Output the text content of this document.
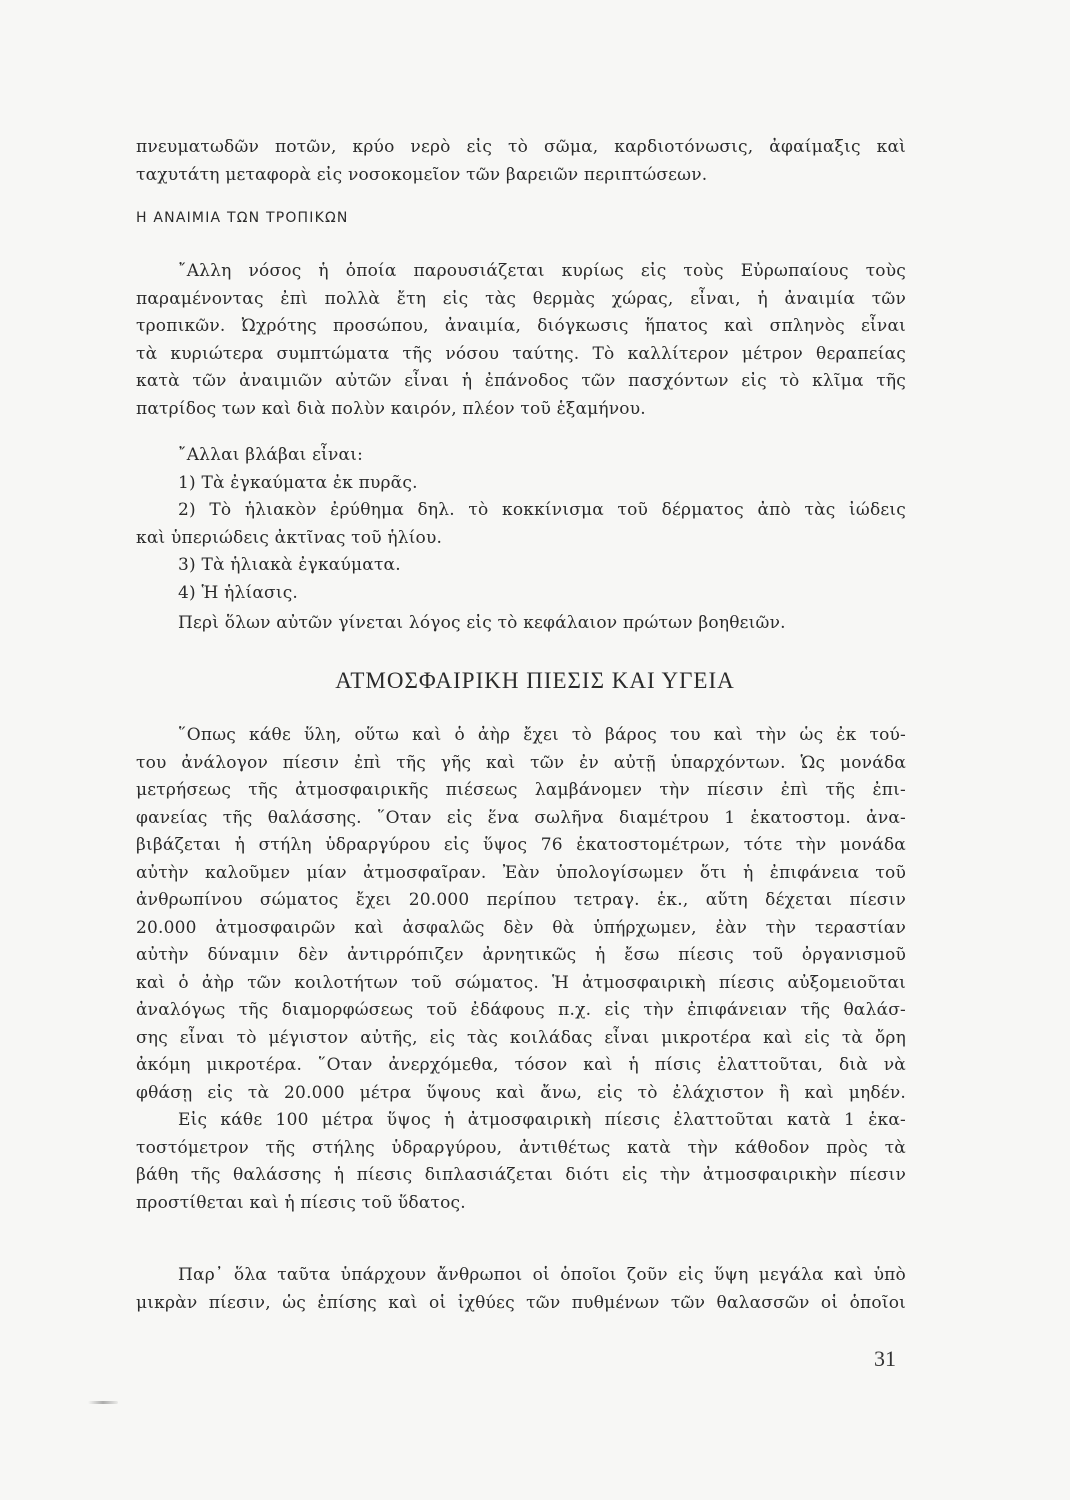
πνευματωδῶν ποτῶν, κρύο νερὸ εἰς τὸ σῶμα, καρδιοτόνωσις, ἀφαίμαξις καὶ

ταχυτάτη μεταφορὰ εἰς νοσοκομεῖον τῶν βαρειῶν περιπτώσεων.

Η ΑΝΑΙΜΙΑ ΤΩΝ ΤΡΟΠΙΚΩΝ

῎Αλλη νόσος ἡ ὁποία παρουσιάζεται κυρίως εἰς τοὺς Εὐρωπαίους τοὺς

παραμένοντας ἐπὶ πολλὰ ἔτη εἰς τὰς θερμὰς χώρας, εἶναι, ἡ ἀναιμία τῶν

τροπικῶν. Ὠχρότης προσώπου, ἀναιμία, διόγκωσις ἥπατος καὶ σπληνὸς εἶναι

τὰ κυριώτερα συμπτώματα τῆς νόσου ταύτης. Τὸ καλλίτερον μέτρον θεραπείας

κατὰ τῶν ἀναιμιῶν αὐτῶν εἶναι ἡ ἐπάνοδος τῶν πασχόντων εἰς τὸ κλῖμα τῆς

πατρίδος των καὶ διὰ πολὺν καιρόν, πλέον τοῦ ἑξαμήνου.

῎Αλλαι βλάβαι εἶναι:

1) Τὰ ἐγκαύματα ἐκ πυρᾶς.

2) Τὸ ἡλιακὸν ἐρύθημα δηλ. τὸ κοκκίνισμα τοῦ δέρματος ἀπὸ τὰς ἰώδεις

καὶ ὑπεριώδεις ἀκτῖνας τοῦ ἡλίου.

3) Τὰ ἡλιακὰ ἐγκαύματα.

4) Ἡ ἡλίασις.

Περὶ ὅλων αὐτῶν γίνεται λόγος εἰς τὸ κεφάλαιον πρώτων βοηθειῶν.

ΑΤΜΟΣΦΑΙΡΙΚΗ ΠΙΕΣΙΣ ΚΑΙ ΥΓΕΙΑ

῞Οπως κάθε ὕλη, οὕτω καὶ ὁ ἀὴρ ἔχει τὸ βάρος του καὶ τὴν ὡς ἐκ τού-

του ἀνάλογον πίεσιν ἐπὶ τῆς γῆς καὶ τῶν ἐν αὐτῇ ὑπαρχόντων. Ὡς μονάδα

μετρήσεως τῆς ἀτμοσφαιρικῆς πιέσεως λαμβάνομεν τὴν πίεσιν ἐπὶ τῆς ἐπι-

φανείας τῆς θαλάσσης. ῞Οταν εἰς ἕνα σωλῆνα διαμέτρου 1 ἑκατοστομ. ἀνα-

βιβάζεται ἡ στήλη ὑδραργύρου εἰς ὕψος 76 ἑκατοστομέτρων, τότε τὴν μονάδα

αὐτὴν καλοῦμεν μίαν ἀτμοσφαῖραν. Ἐὰν ὑπολογίσωμεν ὅτι ἡ ἐπιφάνεια τοῦ

ἀνθρωπίνου σώματος ἔχει 20.000 περίπου τετραγ. ἑκ., αὕτη δέχεται πίεσιν

20.000 ἀτμοσφαιρῶν καὶ ἀσφαλῶς δὲν θὰ ὑπήρχωμεν, ἐὰν τὴν τεραστίαν

αὐτὴν δύναμιν δὲν ἀντιρρόπιζεν ἀρνητικῶς ἡ ἔσω πίεσις τοῦ ὀργανισμοῦ

καὶ ὁ ἀὴρ τῶν κοιλοτήτων τοῦ σώματος. Ἡ ἀτμοσφαιρικὴ πίεσις αὐξομειοῦται

ἀναλόγως τῆς διαμορφώσεως τοῦ ἐδάφους π.χ. εἰς τὴν ἐπιφάνειαν τῆς θαλάσ-

σης εἶναι τὸ μέγιστον αὐτῆς, εἰς τὰς κοιλάδας εἶναι μικροτέρα καὶ εἰς τὰ ὄρη

ἀκόμη μικροτέρα. ῞Οταν ἀνερχόμεθα, τόσον καὶ ἡ πίσις ἐλαττοῦται, διὰ νὰ

φθάσῃ εἰς τὰ 20.000 μέτρα ὕψους καὶ ἄνω, εἰς τὸ ἐλάχιστον ἢ καὶ μηδέν.

Εἰς κάθε 100 μέτρα ὕψος ἡ ἀτμοσφαιρικὴ πίεσις ἐλαττοῦται κατὰ 1 ἑκα-

τοστόμετρον τῆς στήλης ὑδραργύρου, ἀντιθέτως κατὰ τὴν κάθοδον πρὸς τὰ

βάθη τῆς θαλάσσης ἡ πίεσις διπλασιάζεται διότι εἰς τὴν ἀτμοσφαιρικὴν πίεσιν

προστίθεται καὶ ἡ πίεσις τοῦ ὕδατος.

Παρ᾿ ὅλα ταῦτα ὑπάρχουν ἄνθρωποι οἱ ὁποῖοι ζοῦν εἰς ὕψη μεγάλα καὶ ὑπὸ

μικρὰν πίεσιν, ὡς ἐπίσης καὶ οἱ ἰχθύες τῶν πυθμένων τῶν θαλασσῶν οἱ ὁποῖοι

31
